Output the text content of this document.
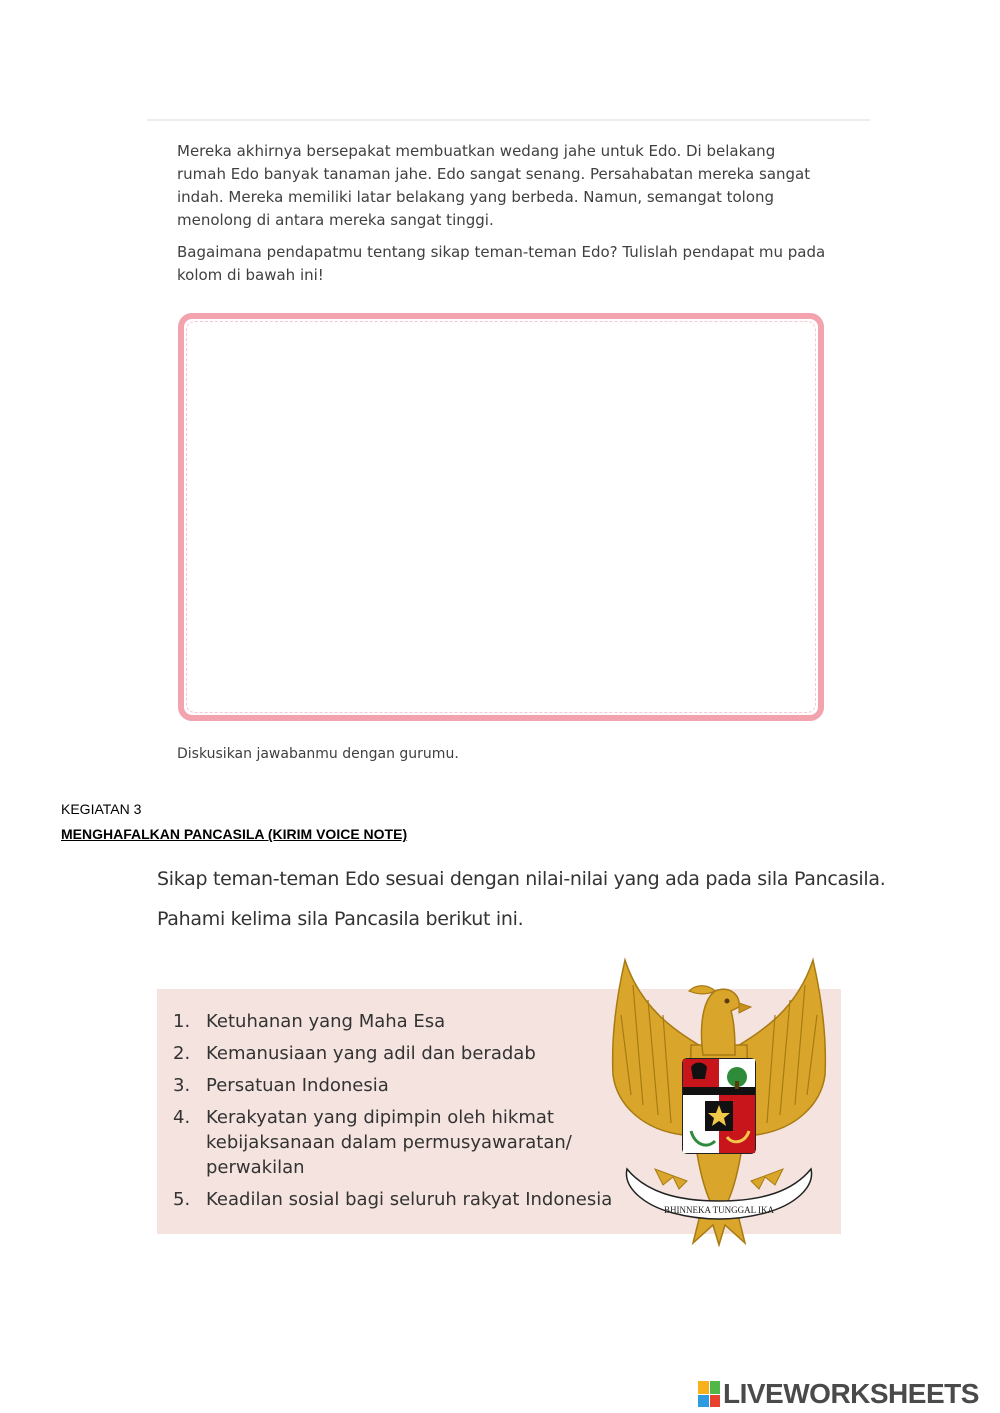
Mereka akhirnya bersepakat membuatkan wedang jahe untuk Edo. Di belakang rumah Edo banyak tanaman jahe. Edo sangat senang. Persahabatan mereka sangat indah. Mereka memiliki latar belakang yang berbeda. Namun, semangat tolong menolong di antara mereka sangat tinggi.

Bagaimana pendapatmu tentang sikap teman-teman Edo? Tulislah pendapat mu pada kolom di bawah ini!

Diskusikan jawabanmu dengan gurumu.

KEGIATAN 3

MENGHAFALKAN PANCASILA (KIRIM VOICE NOTE)

Sikap teman-teman Edo sesuai dengan nilai-nilai yang ada pada sila Pancasila.

Pahami kelima sila Pancasila berikut ini.

1. Ketuhanan yang Maha Esa
2. Kemanusiaan yang adil dan beradab
3. Persatuan Indonesia
4. Kerakyatan yang dipimpin oleh hikmat kebijaksanaan dalam permusyawaratan/ perwakilan
5. Keadilan sosial bagi seluruh rakyat Indonesia	BHINNEKA TUNGGAL IKA
LIVEWORKSHEETS
